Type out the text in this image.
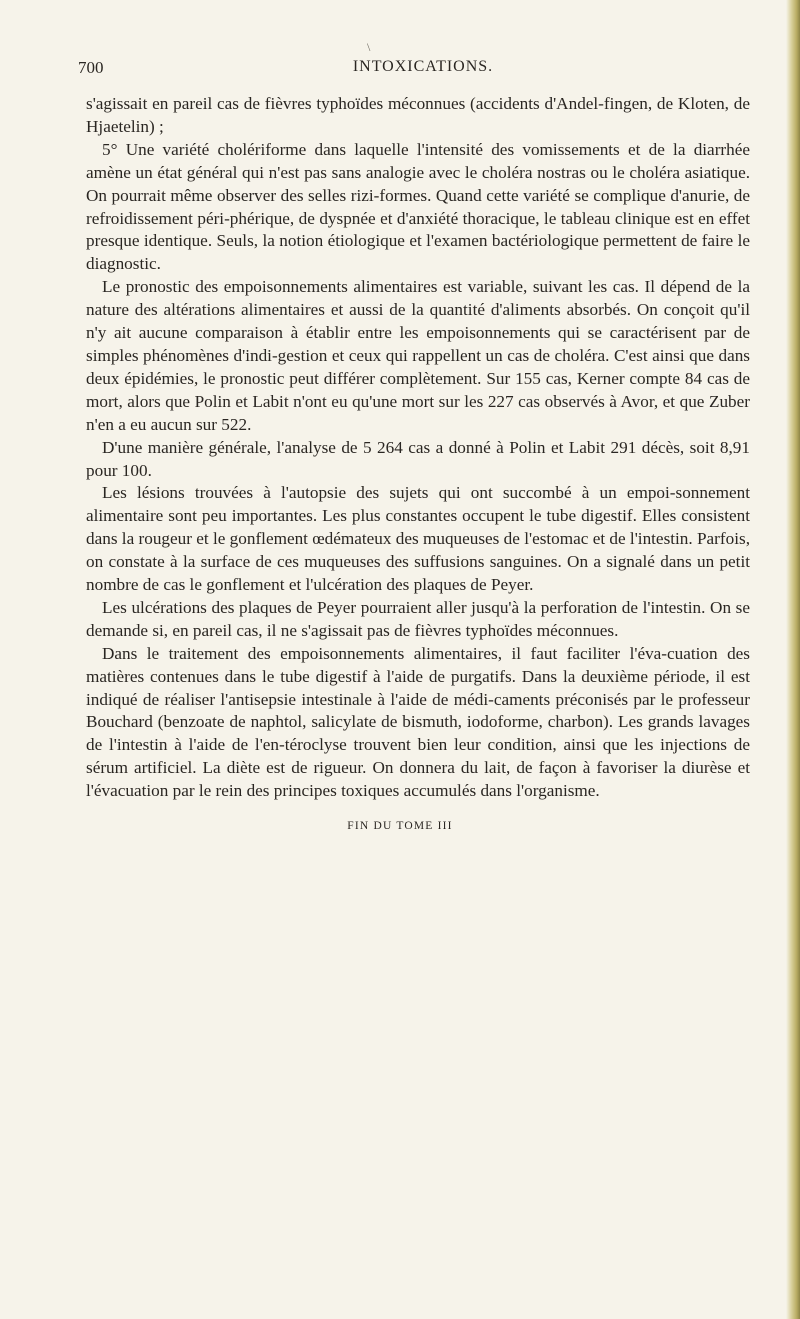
\
700	INTOXICATIONS.

s'agissait en pareil cas de fièvres typhoïdes méconnues (accidents d'Andel-fingen, de Kloten, de Hjaetelin) ;

5° Une variété cholériforme dans laquelle l'intensité des vomissements et de la diarrhée amène un état général qui n'est pas sans analogie avec le choléra nostras ou le choléra asiatique. On pourrait même observer des selles rizi-formes. Quand cette variété se complique d'anurie, de refroidissement péri-phérique, de dyspnée et d'anxiété thoracique, le tableau clinique est en effet presque identique. Seuls, la notion étiologique et l'examen bactériologique permettent de faire le diagnostic.

Le pronostic des empoisonnements alimentaires est variable, suivant les cas. Il dépend de la nature des altérations alimentaires et aussi de la quantité d'aliments absorbés. On conçoit qu'il n'y ait aucune comparaison à établir entre les empoisonnements qui se caractérisent par de simples phénomènes d'indi-gestion et ceux qui rappellent un cas de choléra. C'est ainsi que dans deux épidémies, le pronostic peut différer complètement. Sur 155 cas, Kerner compte 84 cas de mort, alors que Polin et Labit n'ont eu qu'une mort sur les 227 cas observés à Avor, et que Zuber n'en a eu aucun sur 522.

D'une manière générale, l'analyse de 5 264 cas a donné à Polin et Labit 291 décès, soit 8,91 pour 100.

Les lésions trouvées à l'autopsie des sujets qui ont succombé à un empoi-sonnement alimentaire sont peu importantes. Les plus constantes occupent le tube digestif. Elles consistent dans la rougeur et le gonflement œdémateux des muqueuses de l'estomac et de l'intestin. Parfois, on constate à la surface de ces muqueuses des suffusions sanguines. On a signalé dans un petit nombre de cas le gonflement et l'ulcération des plaques de Peyer.

Les ulcérations des plaques de Peyer pourraient aller jusqu'à la perforation de l'intestin. On se demande si, en pareil cas, il ne s'agissait pas de fièvres typhoïdes méconnues.

Dans le traitement des empoisonnements alimentaires, il faut faciliter l'éva-cuation des matières contenues dans le tube digestif à l'aide de purgatifs. Dans la deuxième période, il est indiqué de réaliser l'antisepsie intestinale à l'aide de médi-caments préconisés par le professeur Bouchard (benzoate de naphtol, salicylate de bismuth, iodoforme, charbon). Les grands lavages de l'intestin à l'aide de l'en-téroclyse trouvent bien leur condition, ainsi que les injections de sérum artificiel. La diète est de rigueur. On donnera du lait, de façon à favoriser la diurèse et l'évacuation par le rein des principes toxiques accumulés dans l'organisme.

FIN DU TOME III
